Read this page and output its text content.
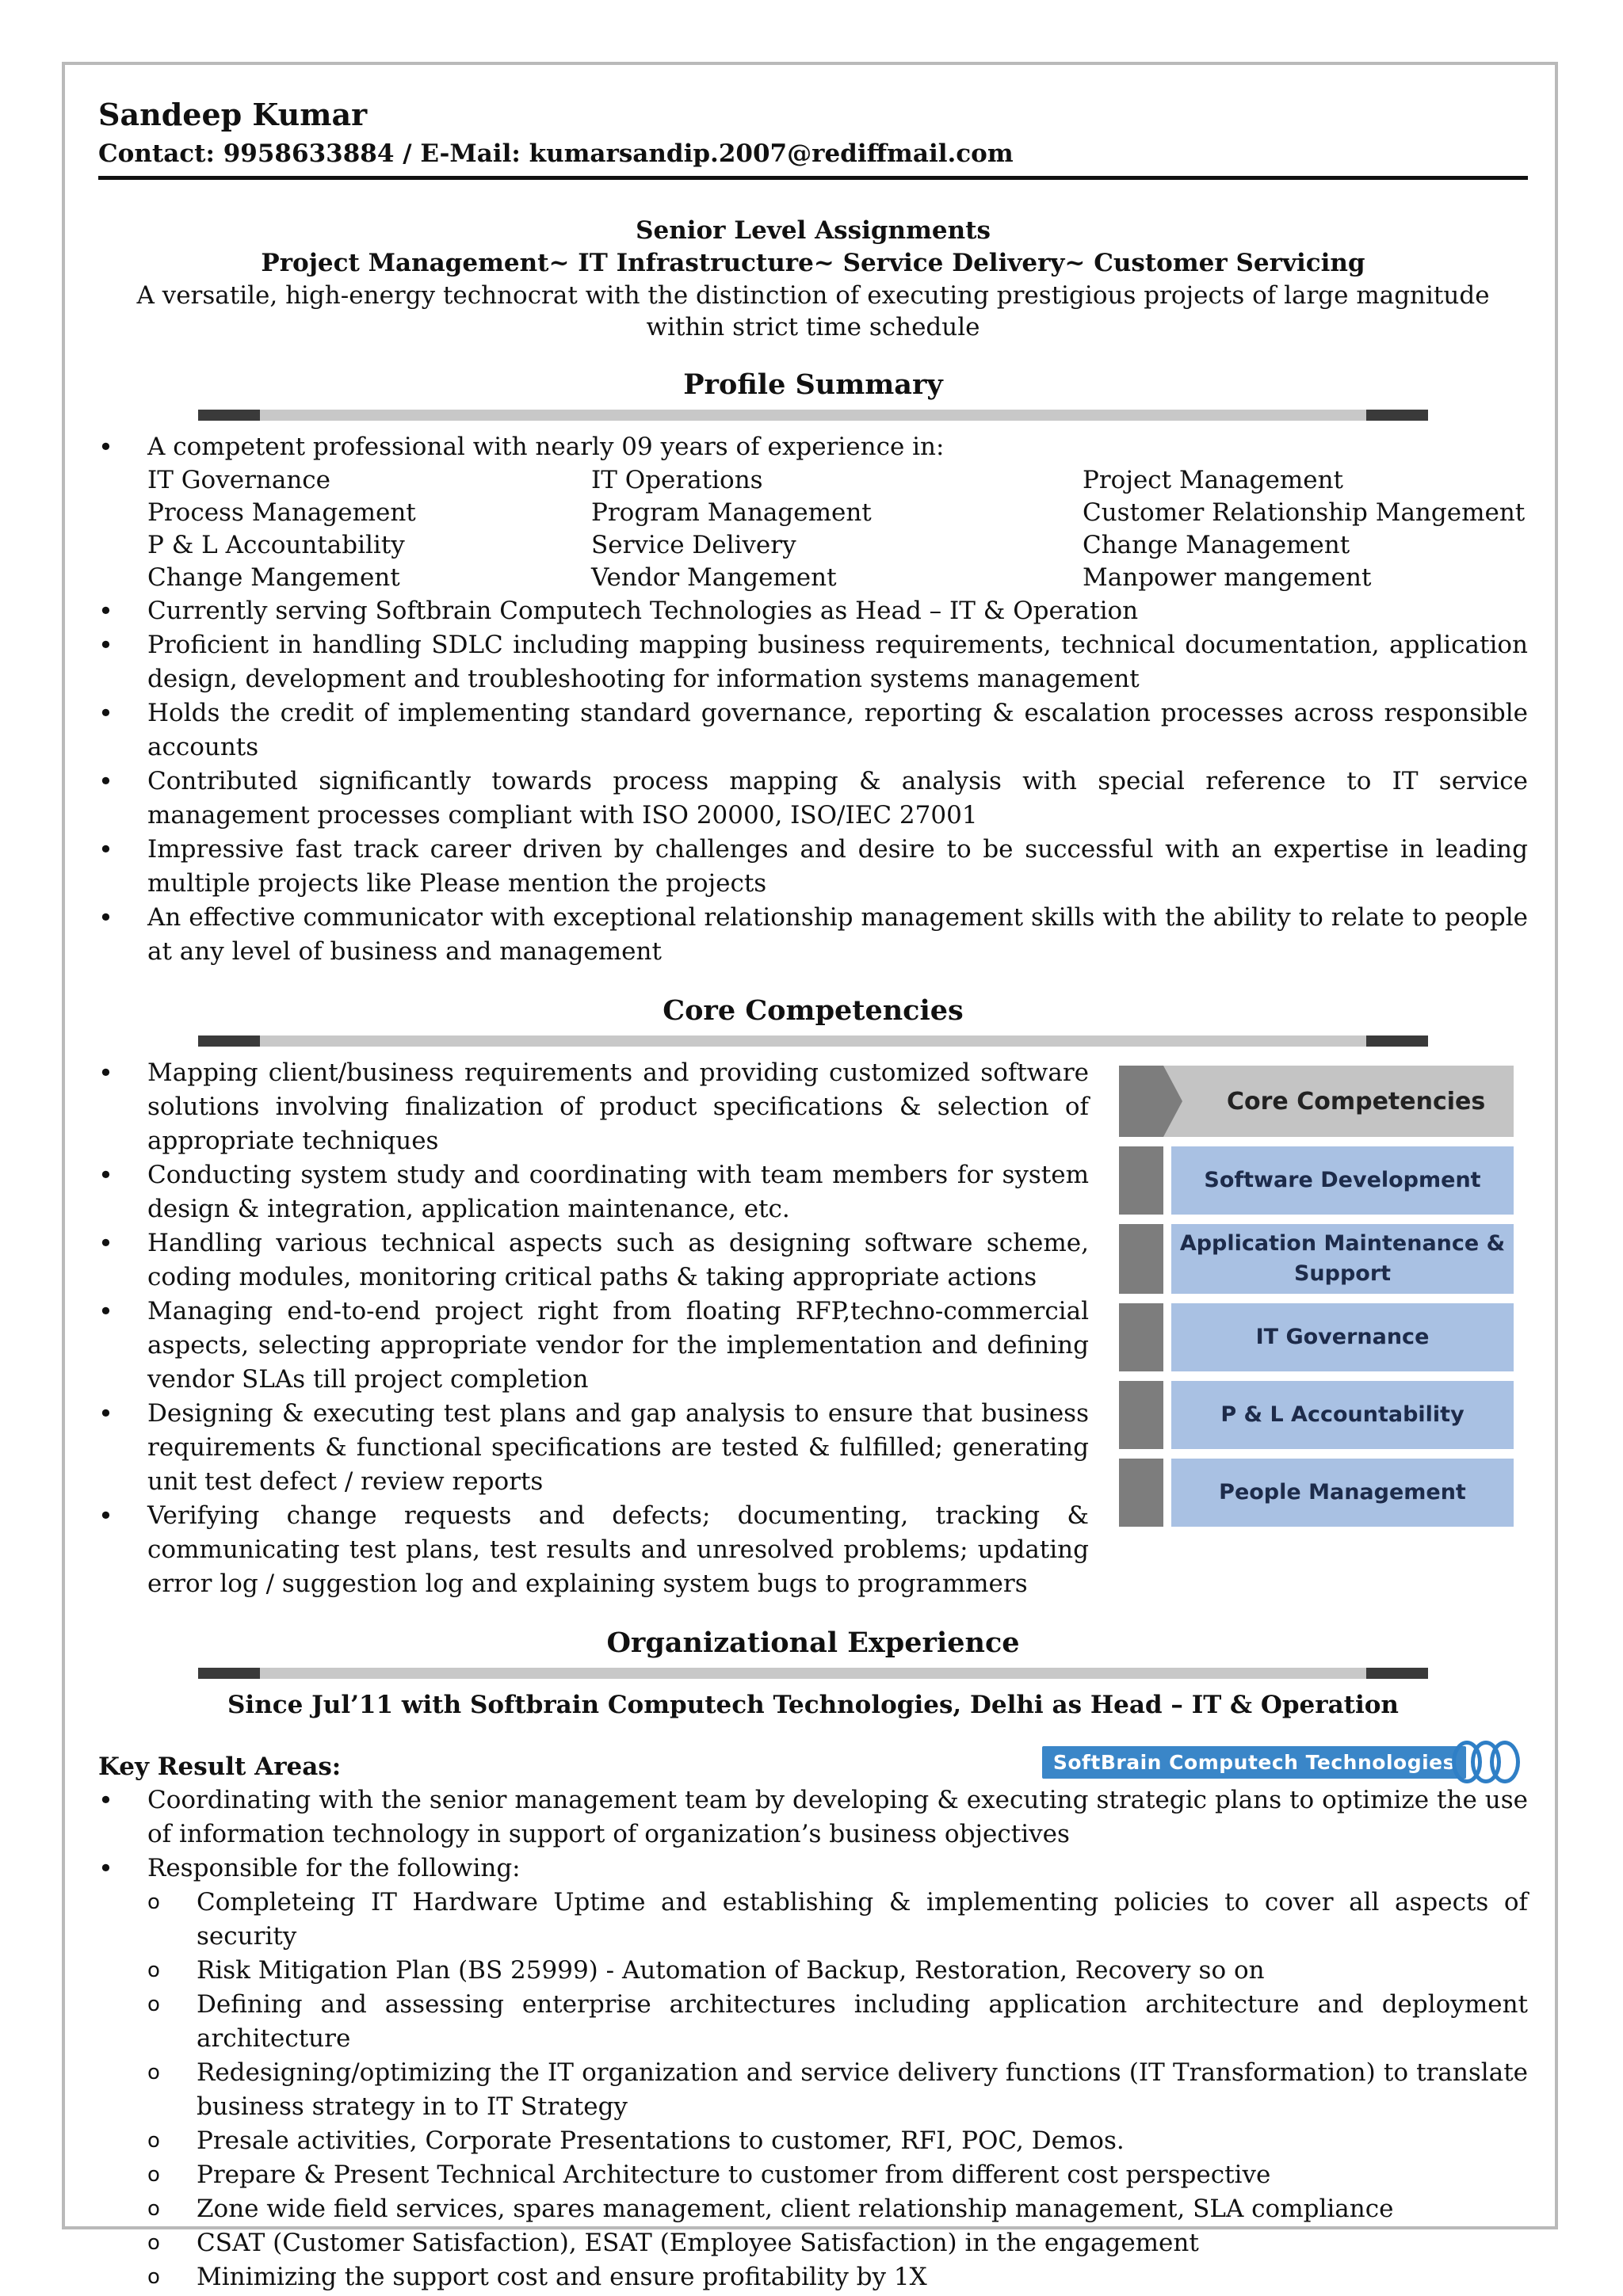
Sandeep Kumar
Contact: 9958633884 / E-Mail: kumarsandip.2007@rediffmail.com
Senior Level Assignments
Project Management~ IT Infrastructure~ Service Delivery~ Customer Servicing
A versatile, high-energy technocrat with the distinction of executing prestigious projects of large magnitude within strict time schedule
Profile Summary
• A competent professional with nearly 09 years of experience in:
IT Governance	IT Operations	Project Management
Process Management	Program Management	Customer Relationship Mangement
P & L Accountability	Service Delivery	Change Management
Change Mangement	Vendor Mangement	Manpower mangement
• Currently serving Softbrain Computech Technologies as Head – IT & Operation
• Proficient in handling SDLC including mapping business requirements, technical documentation, application design, development and troubleshooting for information systems management
• Holds the credit of implementing standard governance, reporting & escalation processes across responsible accounts
• Contributed significantly towards process mapping & analysis with special reference to IT service management processes compliant with ISO 20000, ISO/IEC 27001
• Impressive fast track career driven by challenges and desire to be successful with an expertise in leading multiple projects like Please mention the projects
• An effective communicator with exceptional relationship management skills with the ability to relate to people at any level of business and management
Core Competencies
• Mapping client/business requirements and providing customized software solutions involving finalization of product specifications & selection of appropriate techniques
• Conducting system study and coordinating with team members for system design & integration, application maintenance, etc.
• Handling various technical aspects such as designing software scheme, coding modules, monitoring critical paths & taking appropriate actions
• Managing end-to-end project right from floating RFP,techno-commercial aspects, selecting appropriate vendor for the implementation and defining vendor SLAs till project completion
• Designing & executing test plans and gap analysis to ensure that business requirements & functional specifications are tested & fulfilled; generating unit test defect / review reports
• Verifying change requests and defects; documenting, tracking & communicating test plans, test results and unresolved problems; updating error log / suggestion log and explaining system bugs to programmers
Core Competencies
Software Development
Application Maintenance & Support
IT Governance
P & L Accountability
People Management
Organizational Experience
Since Jul’11 with Softbrain Computech Technologies, Delhi as Head – IT & Operation
Key Result Areas:	SoftBrain Computech Technologies
• Coordinating with the senior management team by developing & executing strategic plans to optimize the use of information technology in support of organization’s business objectives
• Responsible for the following:
o Completeing IT Hardware Uptime and establishing & implementing policies to cover all aspects of security
o Risk Mitigation Plan (BS 25999) - Automation of Backup, Restoration, Recovery so on
o Defining and assessing enterprise architectures including application architecture and deployment architecture
o Redesigning/optimizing the IT organization and service delivery functions (IT Transformation) to translate business strategy in to IT Strategy
o Presale activities, Corporate Presentations to customer, RFI, POC, Demos.
o Prepare & Present Technical Architecture to customer from different cost perspective
o Zone wide field services, spares management, client relationship management, SLA compliance
o CSAT (Customer Satisfaction), ESAT (Employee Satisfaction) in the engagement
o Minimizing the support cost and ensure profitability by 1X
